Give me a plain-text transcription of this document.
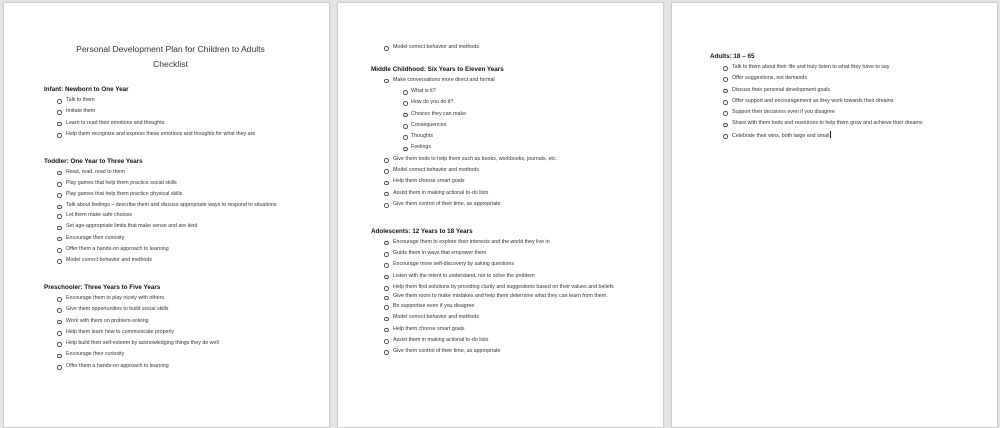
Personal Development Plan for Children to Adults
Checklist
Infant: Newborn to One Year
Talk to them
Imitate them
Learn to read their emotions and thoughts
Help them recognize and express these emotions and thoughts for what they are
Toddler: One Year to Three Years
Read, read, read to them
Play games that help them practice social skills
Play games that help them practice physical skills
Talk about feelings – describe them and discuss appropriate ways to respond to situations
Let them make safe choices
Set age-appropriate limits that make sense and are kind
Encourage their curiosity
Offer them a hands-on approach to learning
Model correct behavior and methods
Preschooler: Three Years to Five Years
Encourage them to play nicely with others.
Give them opportunities to build social skills
Work with them on problem-solving
Help them learn how to communicate properly
Help build their self-esteem by acknowledging things they do well
Encourage their curiosity
Offer them a hands-on approach to learning
Model correct behavior and methods
Middle Childhood: Six Years to Eleven Years
Make conversations more direct and formal
What is it?
How do you do it?
Choices they can make
Consequences
Thoughts
Feelings
Give them tools to help them such as books, workbooks, journals, etc.
Model correct behavior and methods
Help them choose smart goals
Assist them in making actional to-do lists
Give them control of their time, as appropriate
Adolescents: 12 Years to 18 Years
Encourage them to explore their interests and the world they live in
Guide them in ways that empower them
Encourage more self-discovery by asking questions
Listen with the intent to understand, not to solve the problem
Help them find solutions by providing clarity and suggestions based on their values and beliefs
Give them room to make mistakes and help them determine what they can learn from them.
Be supportive even if you disagree
Model correct behavior and methods
Help them choose smart goals
Assist them in making actional to-do lists
Give them control of their time, as appropriate
Adults: 18 – 65
Talk to them about their life and truly listen to what they have to say
Offer suggestions, not demands
Discuss their personal development goals
Offer support and encouragement as they work towards their dreams
Support their decisions even if you disagree
Share with them tools and resources to help them grow and achieve their dreams
Celebrate their wins, both large and small
